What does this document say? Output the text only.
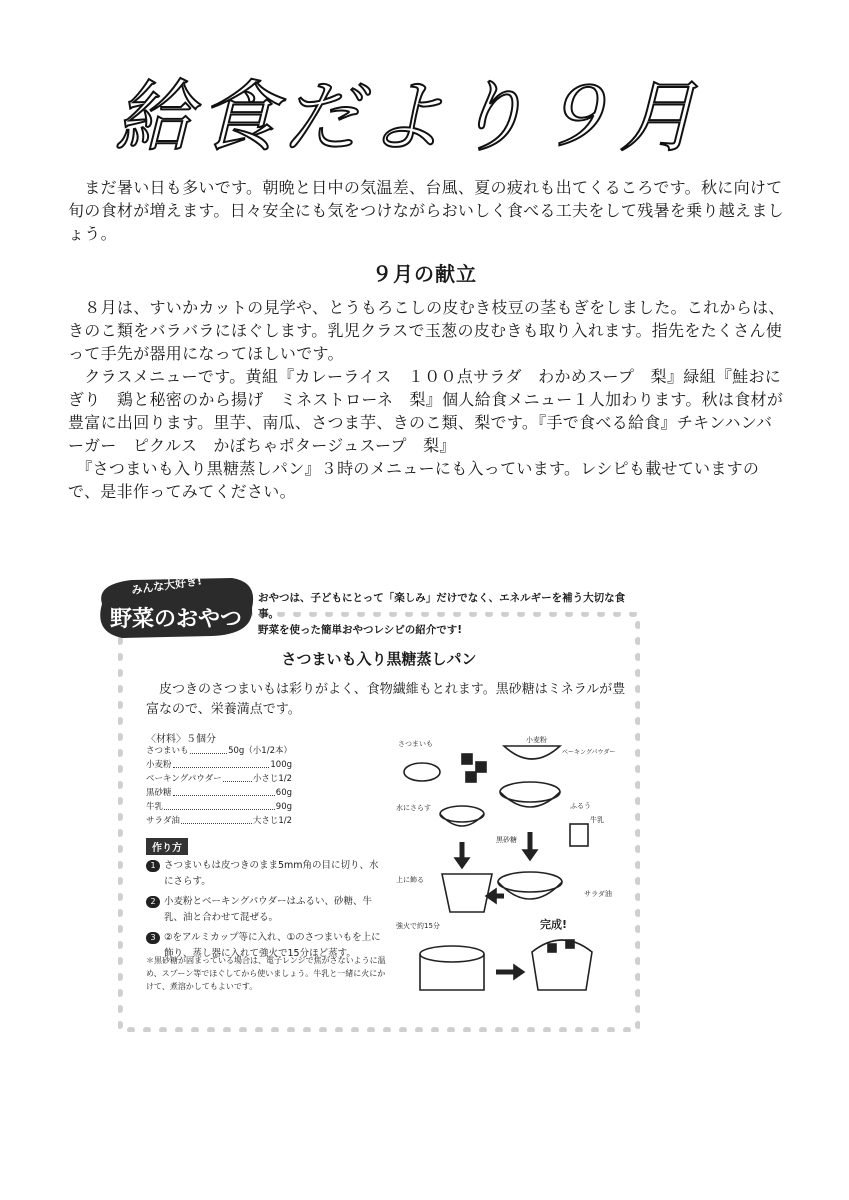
給食だより９月

　まだ暑い日も多いです。朝晩と日中の気温差、台風、夏の疲れも出てくるころです。秋に向けて旬の食材が増えます。日々安全にも気をつけながらおいしく食べる工夫をして残暑を乗り越えましょう。

９月の献立

　８月は、すいかカットの見学や、とうもろこしの皮むき枝豆の茎もぎをしました。これからは、きのこ類をバラバラにほぐします。乳児クラスで玉葱の皮むきも取り入れます。指先をたくさん使って手先が器用になってほしいです。

　クラスメニューです。黄組『カレーライス　１００点サラダ　わかめスープ　梨』緑組『鮭おにぎり　鶏と秘密のから揚げ　ミネストローネ　梨』個人給食メニュー１人加わります。秋は食材が豊富に出回ります。里芋、南瓜、さつま芋、きのこ類、梨です。『手で食べる給食』チキンハンバーガー　ピクルス　かぼちゃポタージュスープ　梨』

　『さつまいも入り黒糖蒸しパン』３時のメニューにも入っています。レシピも載せていますので、是非作ってみてください。

みんな大好き!
野菜のおやつ

おやつは、子どもにとって「楽しみ」だけでなく、エネルギーを補う大切な食事。
野菜を使った簡単おやつレシピの紹介です!

さつまいも入り黒糖蒸しパン

　皮つきのさつまいもは彩りがよく、食物繊維もとれます。黒砂糖はミネラルが豊富なので、栄養満点です。

〈材料〉５個分

さつまいも	50g（小1/2本）
小麦粉	100g
ベーキングパウダー	小さじ1/2
黒砂糖	60g
牛乳	90g
サラダ油	大さじ1/2

作り方

1 さつまいもは皮つきのまま5mm角の目に切り、水にさらす。
2 小麦粉とベーキングパウダーはふるい、砂糖、牛乳、油と合わせて混ぜる。
3 ②をアルミカップ等に入れ、①のさつまいもを上に飾り、蒸し器に入れて強火で15分ほど蒸す。

＊黒砂糖が固まっている場合は、電子レンジで焦がさないように温め、スプーン等でほぐしてから使いましょう。牛乳と一緒に火にかけて、煮溶かしてもよいです。

さつまいも	小麦粉
ベーキングパウダー
水にさらす	ふるう
黒砂糖
牛乳
上に飾る
サラダ油
強火で約15分	完成!
